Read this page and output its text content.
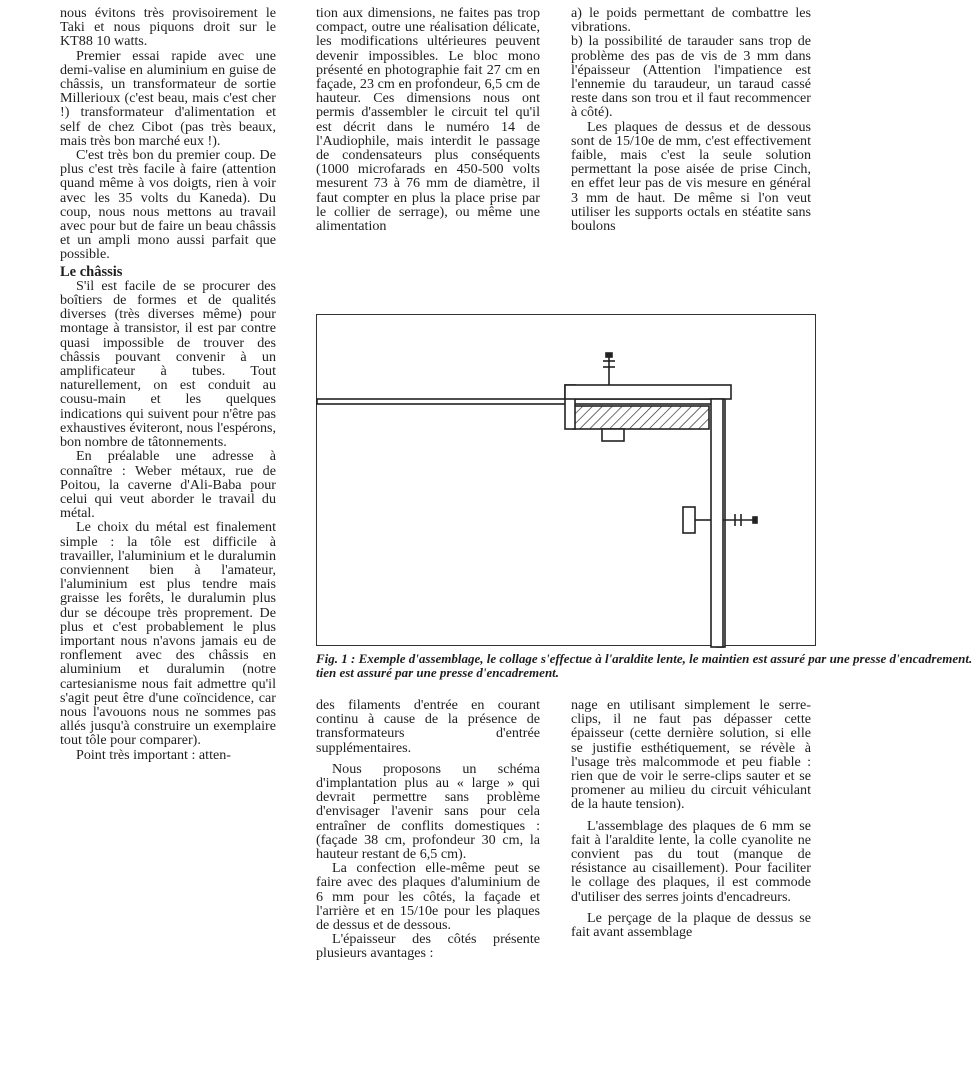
nous évitons très provisoirement le Taki et nous piquons droit sur le KT88 10 watts.

Premier essai rapide avec une demi-valise en aluminium en guise de châssis, un transformateur de sortie Millerioux (c'est beau, mais c'est cher !) transformateur d'alimentation et self de chez Cibot (pas très beaux, mais très bon marché eux !).

C'est très bon du premier coup. De plus c'est très facile à faire (attention quand même à vos doigts, rien à voir avec les 35 volts du Kaneda). Du coup, nous nous mettons au travail avec pour but de faire un beau châssis et un ampli mono aussi parfait que possible.

Le châssis

S'il est facile de se procurer des boîtiers de formes et de qualités diverses (très diverses même) pour montage à transistor, il est par contre quasi impossible de trouver des châssis pouvant convenir à un amplificateur à tubes. Tout naturellement, on est conduit au cousu-main et les quelques indications qui suivent pour n'être pas exhaustives éviteront, nous l'espérons, bon nombre de tâtonnements.

En préalable une adresse à connaître : Weber métaux, rue de Poitou, la caverne d'Ali-Baba pour celui qui veut aborder le travail du métal.

Le choix du métal est finalement simple : la tôle est difficile à travailler, l'aluminium et le duralumin conviennent bien à l'amateur, l'aluminium est plus tendre mais graisse les forêts, le duralumin plus dur se découpe très proprement. De plus et c'est probablement le plus important nous n'avons jamais eu de ronflement avec des châssis en aluminium et duralumin (notre cartesianisme nous fait admettre qu'il s'agit peut être d'une coïncidence, car nous l'avouons nous ne sommes pas allés jusqu'à construire un exemplaire tout tôle pour comparer).

Point très important : atten-

tion aux dimensions, ne faites pas trop compact, outre une réalisation délicate, les modifications ultérieures peuvent devenir impossibles. Le bloc mono présenté en photographie fait 27 cm en façade, 23 cm en profondeur, 6,5 cm de hauteur. Ces dimensions nous ont permis d'assembler le circuit tel qu'il est décrit dans le numéro 14 de l'Audiophile, mais interdit le passage de condensateurs plus conséquents (1000 microfarads en 450-500 volts mesurent 73 à 76 mm de diamètre, il faut compter en plus la place prise par le collier de serrage), ou même une alimentation

a) le poids permettant de combattre les vibrations.

b) la possibilité de tarauder sans trop de problème des pas de vis de 3 mm dans l'épaisseur (Attention l'impatience est l'ennemie du taraudeur, un taraud cassé reste dans son trou et il faut recommencer à côté).

Les plaques de dessus et de dessous sont de 15/10e de mm, c'est effectivement faible, mais c'est la seule solution permettant la pose aisée de prise Cinch, en effet leur pas de vis mesure en général 3 mm de haut. De même si l'on veut utiliser les supports octals en stéatite sans boulons

Fig. 1 : Exemple d'assemblage, le collage s'effectue à l'araldite lente, le maintien est assuré par une presse d'encadrement.
tien est assuré par une presse d'encadrement.

des filaments d'entrée en courant continu à cause de la présence de transformateurs d'entrée supplémentaires.

Nous proposons un schéma d'implantation plus au « large » qui devrait permettre sans problème d'envisager l'avenir sans pour cela entraîner de conflits domestiques : (façade 38 cm, profondeur 30 cm, la hauteur restant de 6,5 cm).

La confection elle-même peut se faire avec des plaques d'aluminium de 6 mm pour les côtés, la façade et l'arrière et en 15/10e pour les plaques de dessus et de dessous.

L'épaisseur des côtés présente plusieurs avantages :

nage en utilisant simplement le serre-clips, il ne faut pas dépasser cette épaisseur (cette dernière solution, si elle se justifie esthétiquement, se révèle à l'usage très malcommode et peu fiable : rien que de voir le serre-clips sauter et se promener au milieu du circuit véhiculant de la haute tension).

L'assemblage des plaques de 6 mm se fait à l'araldite lente, la colle cyanolite ne convient pas du tout (manque de résistance au cisaillement). Pour faciliter le collage des plaques, il est commode d'utiliser des serres joints d'encadreurs.

Le perçage de la plaque de dessus se fait avant assemblage
